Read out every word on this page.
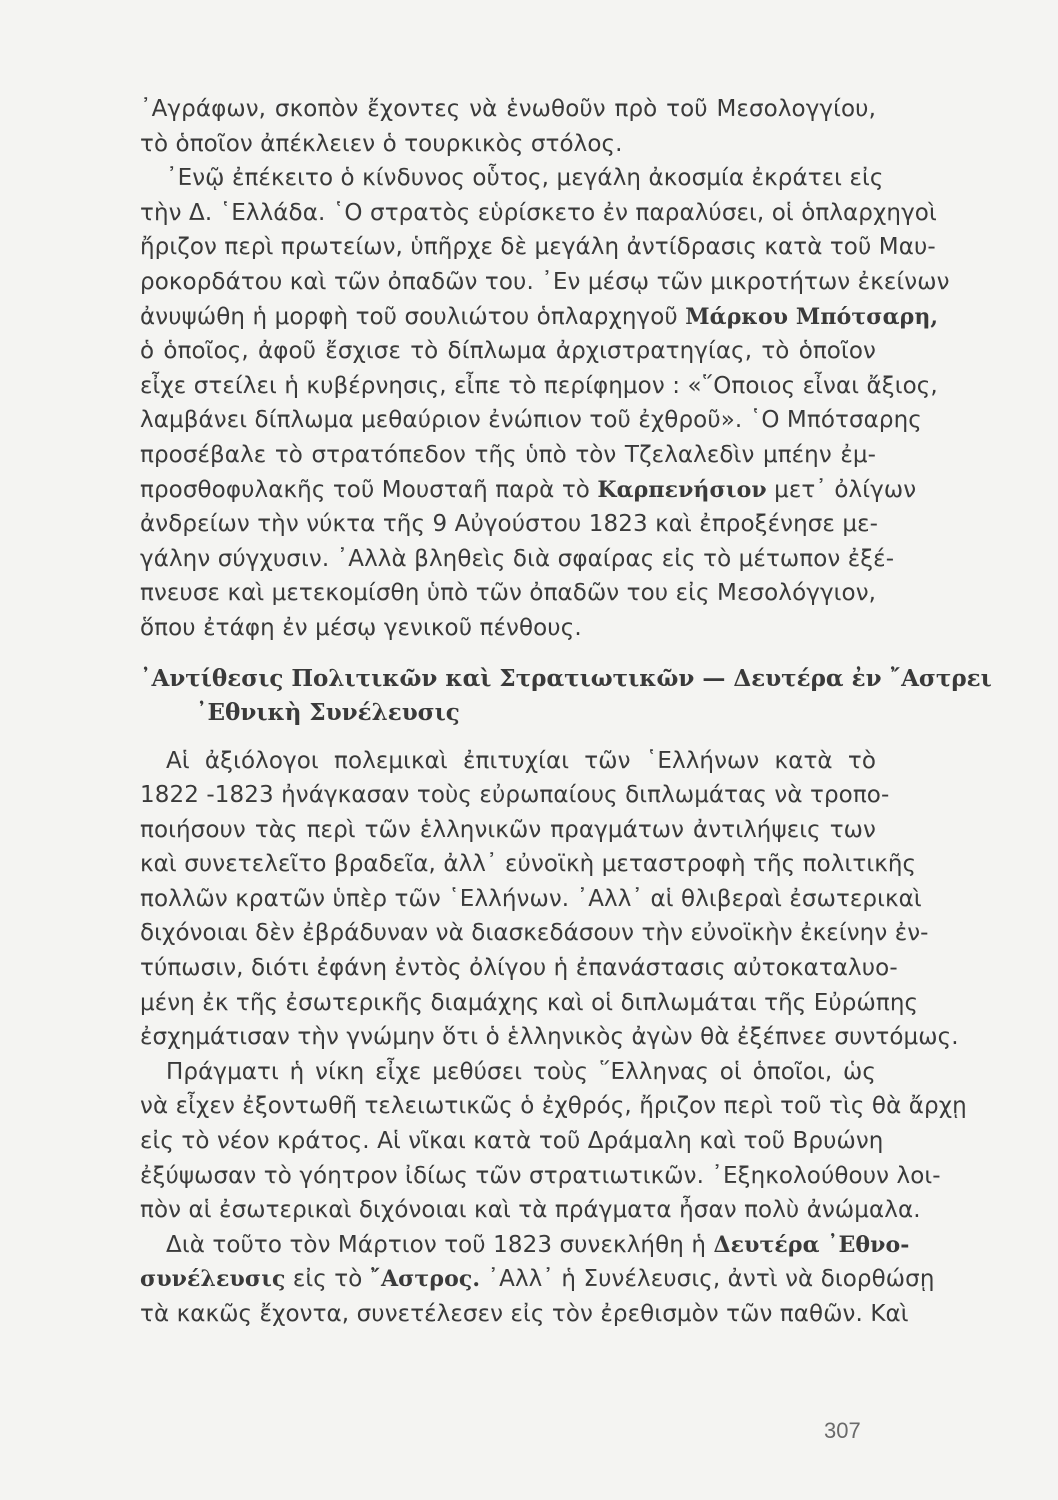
᾿Αγράφων, σκοπὸν ἔχοντες νὰ ἑνωθοῦν πρὸ τοῦ Μεσολογγίου,
τὸ ὁποῖον ἀπέκλειεν ὁ τουρκικὸς στόλος.
᾿Ενῷ ἐπέκειτο ὁ κίνδυνος οὗτος, μεγάλη ἀκοσμία ἐκράτει εἰς
τὴν Δ. ῾Ελλάδα. ῾Ο στρατὸς εὑρίσκετο ἐν παραλύσει, οἱ ὁπλαρχηγοὶ
ἤριζον περὶ πρωτείων, ὑπῆρχε δὲ μεγάλη ἀντίδρασις κατὰ τοῦ Μαυ-
ροκορδάτου καὶ τῶν ὀπαδῶν του. ᾿Εν μέσῳ τῶν μικροτήτων ἐκείνων
ἀνυψώθη ἡ μορφὴ τοῦ σουλιώτου ὁπλαρχηγοῦ Μάρκου Μπότσαρη,
ὁ ὁποῖος, ἀφοῦ ἔσχισε τὸ δίπλωμα ἀρχιστρατηγίας, τὸ ὁποῖον
εἶχε στείλει ἡ κυβέρνησις, εἶπε τὸ περίφημον : «῞Οποιος εἶναι ἄξιος,
λαμβάνει δίπλωμα μεθαύριον ἐνώπιον τοῦ ἐχθροῦ». ῾Ο Μπότσαρης
προσέβαλε τὸ στρατόπεδον τῆς ὑπὸ τὸν Τζελαλεδὶν μπέην ἐμ-
προσθοφυλακῆς τοῦ Μουσταῆ παρὰ τὸ Καρπενήσιον μετ᾿ ὀλίγων
ἀνδρείων τὴν νύκτα τῆς 9 Αὐγούστου 1823 καὶ ἐπροξένησε με-
γάλην σύγχυσιν. ᾿Αλλὰ βληθεὶς διὰ σφαίρας εἰς τὸ μέτωπον ἐξέ-
πνευσε καὶ μετεκομίσθη ὑπὸ τῶν ὀπαδῶν του εἰς Μεσολόγγιον,
ὅπου ἐτάφη ἐν μέσῳ γενικοῦ πένθους.
᾿Αντίθεσις Πολιτικῶν καὶ Στρατιωτικῶν — Δευτέρα ἐν ῎Αστρει
᾿Εθνικὴ Συνέλευσις
Αἱ ἀξιόλογοι πολεμικαὶ ἐπιτυχίαι τῶν ῾Ελλήνων κατὰ τὸ
1822 -1823 ἠνάγκασαν τοὺς εὐρωπαίους διπλωμάτας νὰ τροπο-
ποιήσουν τὰς περὶ τῶν ἑλληνικῶν πραγμάτων ἀντιλήψεις των
καὶ συνετελεῖτο βραδεῖα, ἀλλ᾿ εὐνοϊκὴ μεταστροφὴ τῆς πολιτικῆς
πολλῶν κρατῶν ὑπὲρ τῶν ῾Ελλήνων. ᾿Αλλ᾿ αἱ θλιβεραὶ ἐσωτερικαὶ
διχόνοιαι δὲν ἐβράδυναν νὰ διασκεδάσουν τὴν εὐνοϊκὴν ἐκείνην ἐν-
τύπωσιν, διότι ἐφάνη ἐντὸς ὀλίγου ἡ ἐπανάστασις αὐτοκαταλυο-
μένη ἐκ τῆς ἐσωτερικῆς διαμάχης καὶ οἱ διπλωμάται τῆς Εὐρώπης
ἐσχημάτισαν τὴν γνώμην ὅτι ὁ ἑλληνικὸς ἀγὼν θὰ ἐξέπνεε συντόμως.
Πράγματι ἡ νίκη εἶχε μεθύσει τοὺς ῞Ελληνας οἱ ὁποῖοι, ὡς
νὰ εἶχεν ἐξοντωθῆ τελειωτικῶς ὁ ἐχθρός, ἤριζον περὶ τοῦ τὶς θὰ ἄρχῃ
εἰς τὸ νέον κράτος. Αἱ νῖκαι κατὰ τοῦ Δράμαλη καὶ τοῦ Βρυώνη
ἐξύψωσαν τὸ γόητρον ἰδίως τῶν στρατιωτικῶν. ᾿Εξηκολούθουν λοι-
πὸν αἱ ἐσωτερικαὶ διχόνοιαι καὶ τὰ πράγματα ἦσαν πολὺ ἀνώμαλα.
Διὰ τοῦτο τὸν Μάρτιον τοῦ 1823 συνεκλήθη ἡ Δευτέρα ᾿Εθνο-
συνέλευσις εἰς τὸ ῎Αστρος. ᾿Αλλ᾿ ἡ Συνέλευσις, ἀντὶ νὰ διορθώσῃ
τὰ κακῶς ἔχοντα, συνετέλεσεν εἰς τὸν ἐρεθισμὸν τῶν παθῶν. Καὶ
307
